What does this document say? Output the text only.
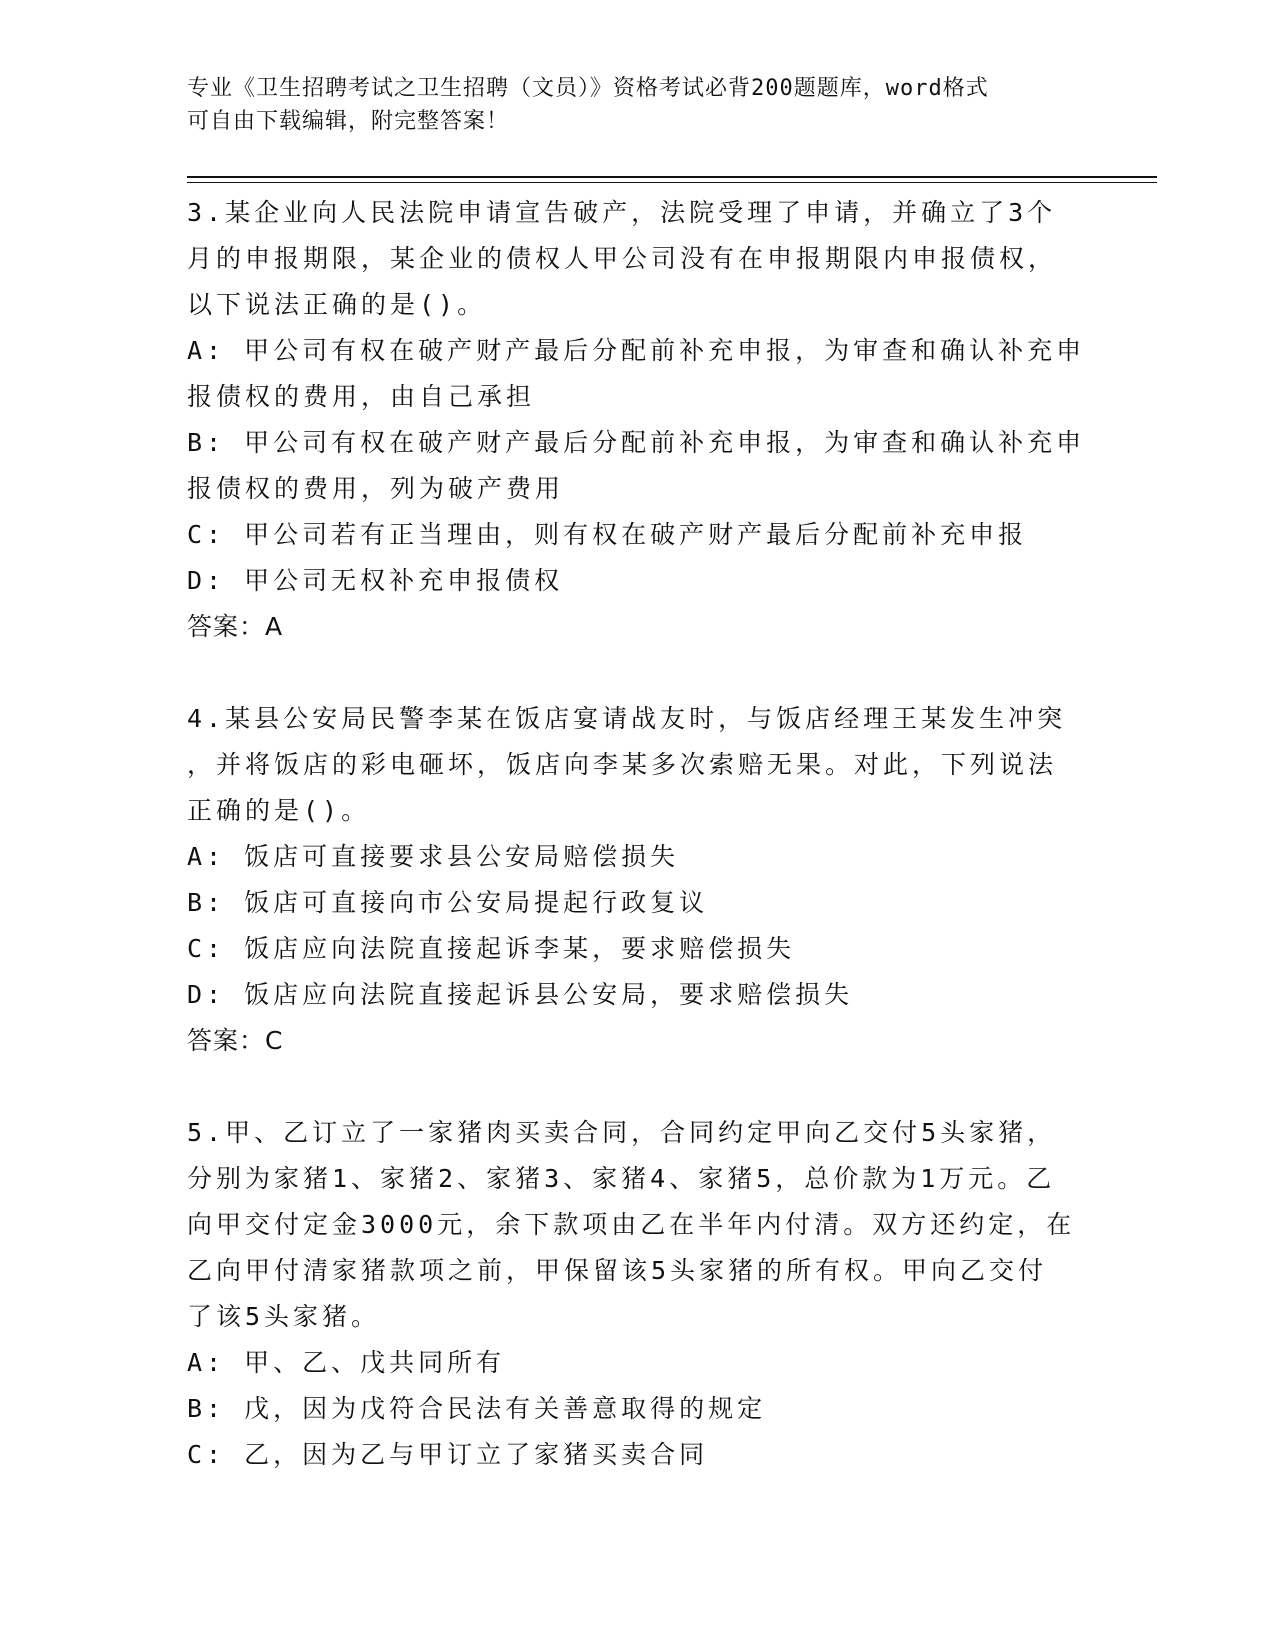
专业《卫生招聘考试之卫生招聘（文员）》资格考试必背200题题库，word格式
可自由下载编辑，附完整答案！
3.某企业向人民法院申请宣告破产，法院受理了申请，并确立了3个
月的申报期限，某企业的债权人甲公司没有在申报期限内申报债权，
以下说法正确的是()。
A: 甲公司有权在破产财产最后分配前补充申报，为审查和确认补充申
报债权的费用，由自己承担
B: 甲公司有权在破产财产最后分配前补充申报，为审查和确认补充申
报债权的费用，列为破产费用
C: 甲公司若有正当理由，则有权在破产财产最后分配前补充申报
D: 甲公司无权补充申报债权
答案：A
4.某县公安局民警李某在饭店宴请战友时，与饭店经理王某发生冲突
，并将饭店的彩电砸坏，饭店向李某多次索赔无果。对此，下列说法
正确的是()。
A: 饭店可直接要求县公安局赔偿损失
B: 饭店可直接向市公安局提起行政复议
C: 饭店应向法院直接起诉李某，要求赔偿损失
D: 饭店应向法院直接起诉县公安局，要求赔偿损失
答案：C
5.甲、乙订立了一家猪肉买卖合同，合同约定甲向乙交付5头家猪，
分别为家猪1、家猪2、家猪3、家猪4、家猪5，总价款为1万元。乙
向甲交付定金3000元，余下款项由乙在半年内付清。双方还约定，在
乙向甲付清家猪款项之前，甲保留该5头家猪的所有权。甲向乙交付
了该5头家猪。
A: 甲、乙、戊共同所有
B: 戊，因为戊符合民法有关善意取得的规定
C: 乙，因为乙与甲订立了家猪买卖合同
